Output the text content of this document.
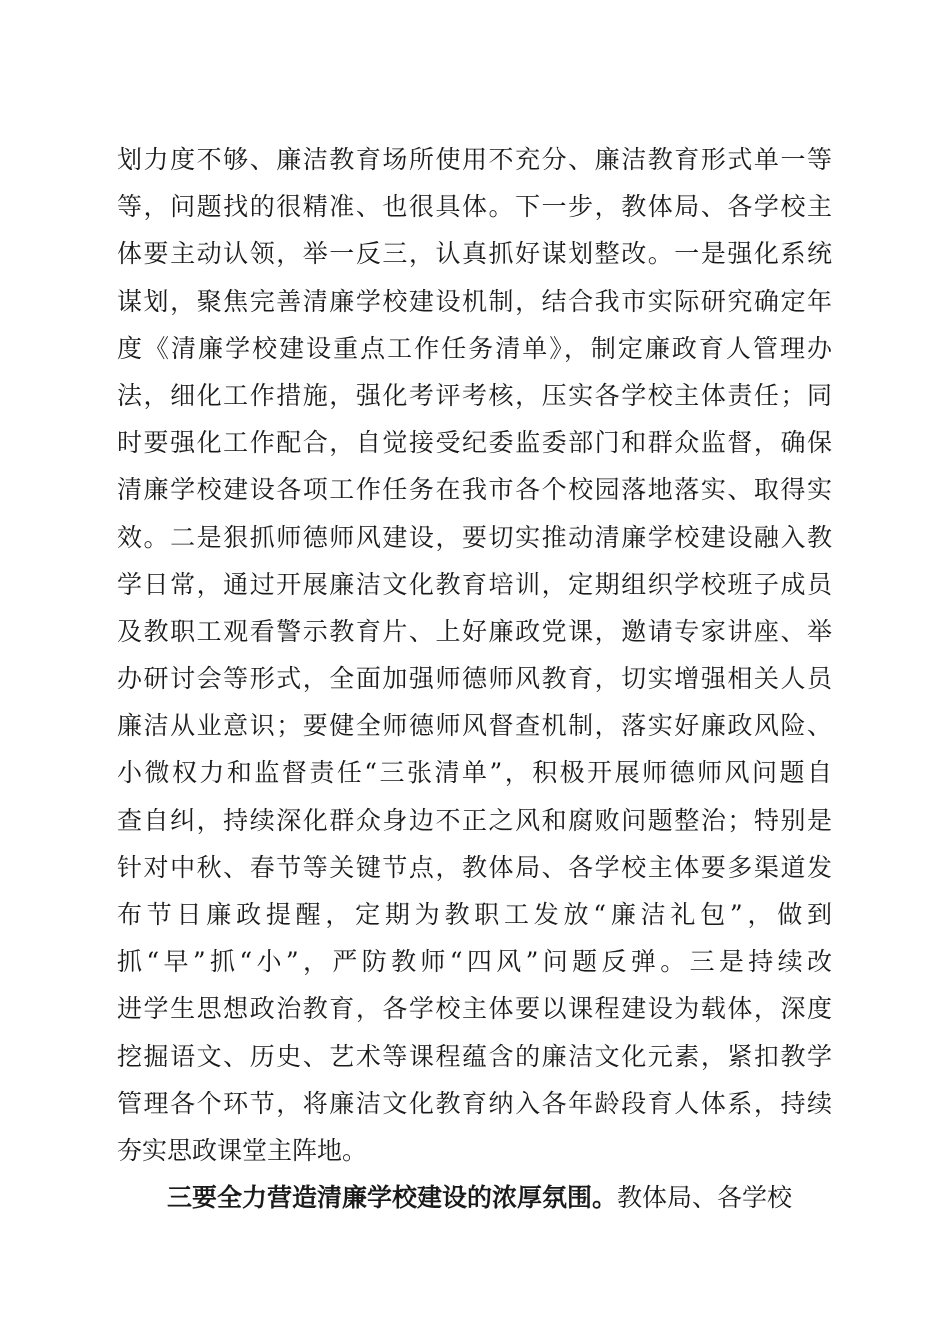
划力度不够、廉洁教育场所使用不充分、廉洁教育形式单一等
等，问题找的很精准、也很具体。下一步，教体局、各学校主
体要主动认领，举一反三，认真抓好谋划整改。一是强化系统
谋划，聚焦完善清廉学校建设机制，结合我市实际研究确定年
度《清廉学校建设重点工作任务清单》，制定廉政育人管理办
法，细化工作措施，强化考评考核，压实各学校主体责任；同
时要强化工作配合，自觉接受纪委监委部门和群众监督，确保
清廉学校建设各项工作任务在我市各个校园落地落实、取得实
效。二是狠抓师德师风建设，要切实推动清廉学校建设融入教
学日常，通过开展廉洁文化教育培训，定期组织学校班子成员
及教职工观看警示教育片、上好廉政党课，邀请专家讲座、举
办研讨会等形式，全面加强师德师风教育，切实增强相关人员
廉洁从业意识；要健全师德师风督查机制，落实好廉政风险、
小微权力和监督责任“三张清单”，积极开展师德师风问题自
查自纠，持续深化群众身边不正之风和腐败问题整治；特别是
针对中秋、春节等关键节点，教体局、各学校主体要多渠道发
布节日廉政提醒，定期为教职工发放“廉洁礼包”，做到
抓“早”抓“小”，严防教师“四风”问题反弹。三是持续改
进学生思想政治教育，各学校主体要以课程建设为载体，深度
挖掘语文、历史、艺术等课程蕴含的廉洁文化元素，紧扣教学
管理各个环节，将廉洁文化教育纳入各年龄段育人体系，持续
夯实思政课堂主阵地。
三要全力营造清廉学校建设的浓厚氛围。教体局、各学校
